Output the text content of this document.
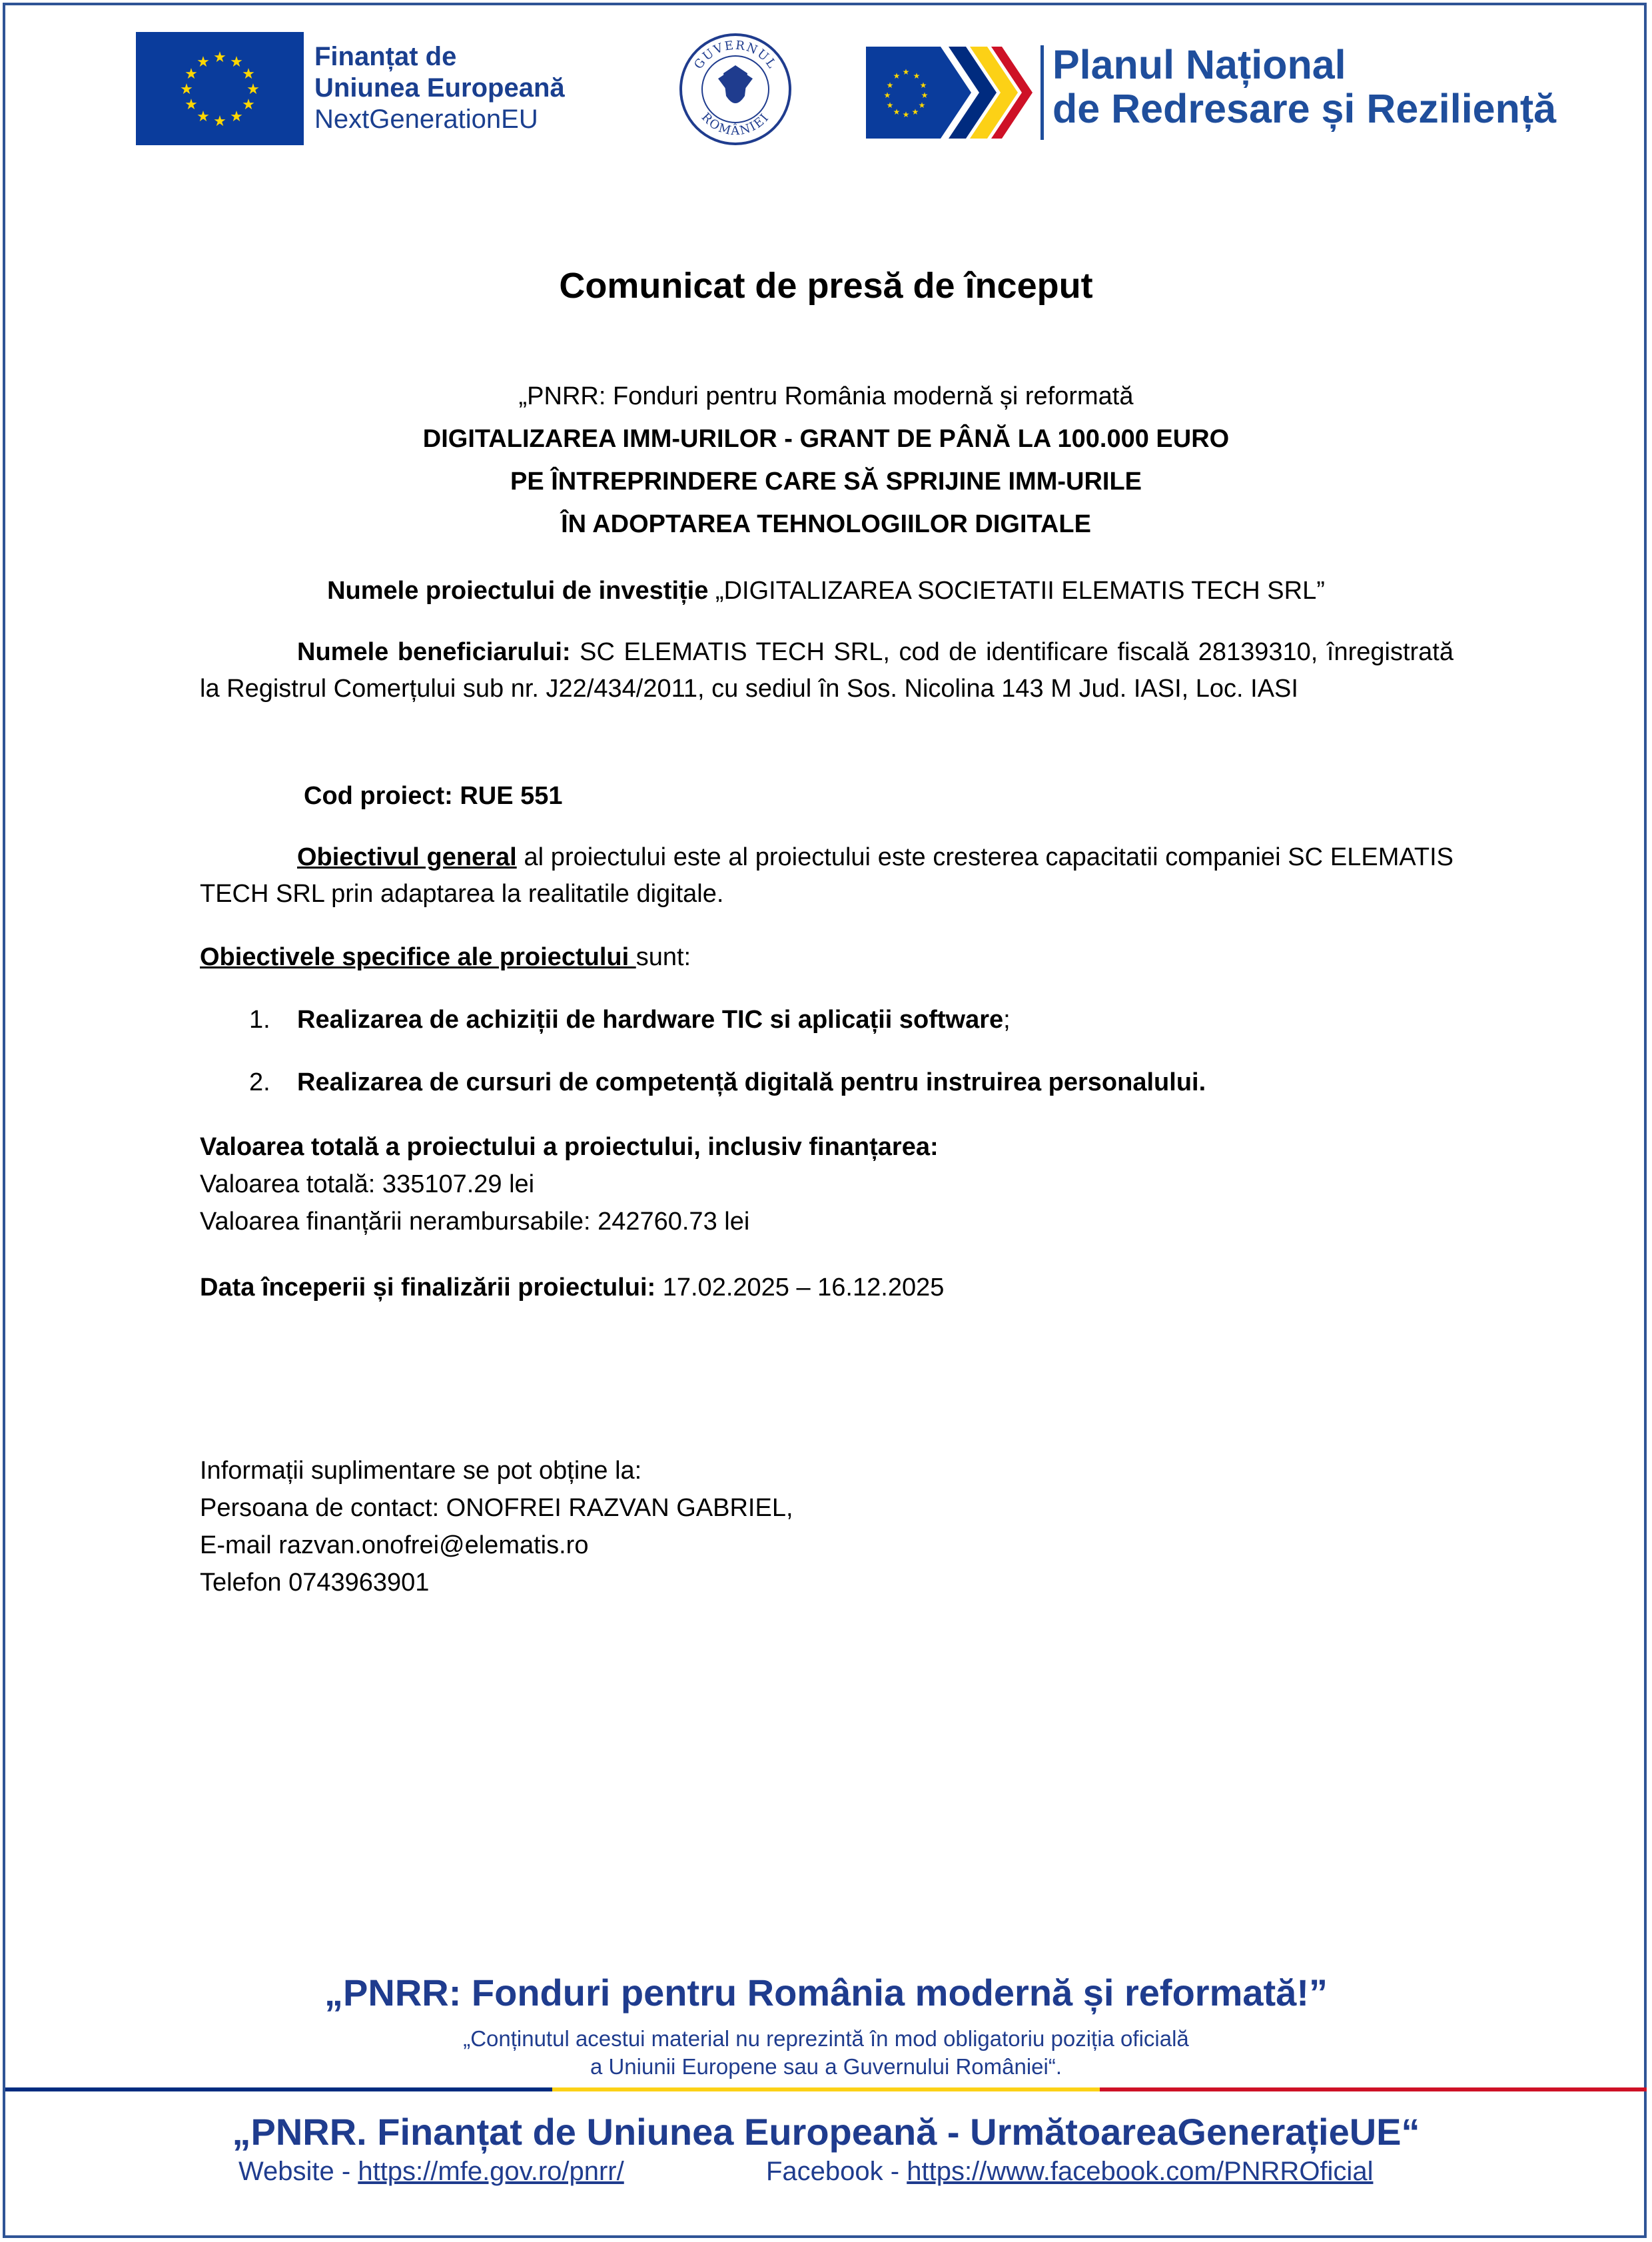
★ ★
★
★
★
★
★
★
★
★
★
★	Finanțat de
Uniunea Europeană
NextGenerationEU
GUVERNUL
ROMÂNIEI
★ ★
★
★
★
★
★
★
★
★
★
★	Planul Național
de Redresare și Reziliență
Comunicat de presă de început
„PNRR: Fonduri pentru România modernă și reformată
DIGITALIZAREA IMM-URILOR - GRANT DE PÂNĂ LA 100.000 EURO
PE ÎNTREPRINDERE CARE SĂ SPRIJINE IMM-URILE
ÎN ADOPTAREA TEHNOLOGIILOR DIGITALE
Numele proiectului de investiție „DIGITALIZAREA SOCIETATII ELEMATIS TECH SRL”
Numele beneficiarului: SC ELEMATIS TECH SRL, cod de identificare fiscală 28139310, înregistrată la Registrul Comerțului sub nr. J22/434/2011, cu sediul în Sos. Nicolina 143 M Jud. IASI, Loc. IASI
Cod proiect: RUE 551
Obiectivul general al proiectului este al proiectului este cresterea capacitatii companiei SC ELEMATIS TECH SRL prin adaptarea la realitatile digitale.
Obiectivele specifice ale proiectului sunt:
1. Realizarea de achiziții de hardware TIC si aplicații software;
2. Realizarea de cursuri de competență digitală pentru instruirea personalului.
Valoarea totală a proiectului a proiectului, inclusiv finanțarea:
Valoarea totală: 335107.29 lei
Valoarea finanțării nerambursabile: 242760.73 lei
Data începerii și finalizării proiectului: 17.02.2025 – 16.12.2025
Informații suplimentare se pot obține la:
Persoana de contact: ONOFREI RAZVAN GABRIEL,
E-mail razvan.onofrei@elematis.ro
Telefon 0743963901
„PNRR: Fonduri pentru România modernă și reformată!”
„Conținutul acestui material nu reprezintă în mod obligatoriu poziția oficială
a Uniunii Europene sau a Guvernului României“.
„PNRR. Finanțat de Uniunea Europeană - UrmătoareaGenerațieUE“
Website - https://mfe.gov.ro/pnrr/	Facebook - https://www.facebook.com/PNRROficial
